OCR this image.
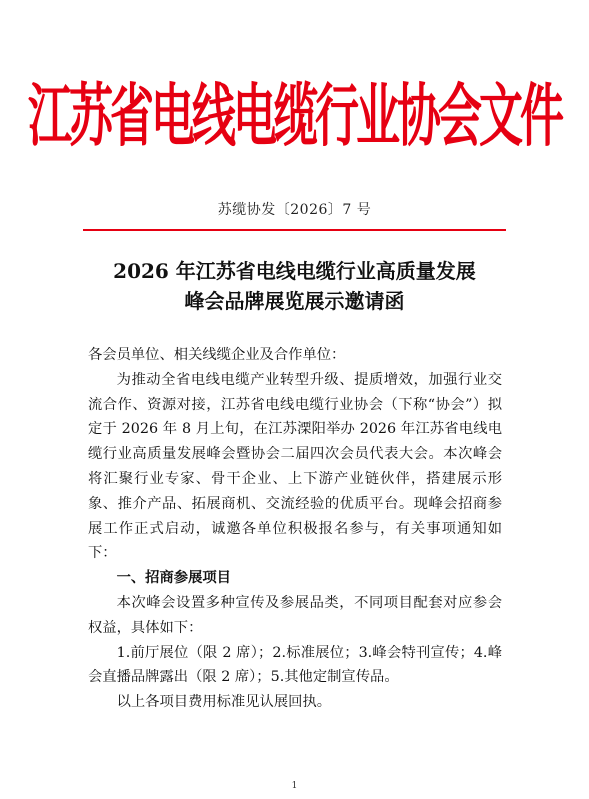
江苏省电线电缆行业协会文件
苏缆协发〔2026〕7 号
2026 年江苏省电线电缆行业高质量发展
峰会品牌展览展示邀请函

各会员单位、相关线缆企业及合作单位：

为推动全省电线电缆产业转型升级、提质增效，加强行业交流合作、资源对接，江苏省电线电缆行业协会（下称“协会”）拟定于 2026 年 8 月上旬，在江苏溧阳举办 2026 年江苏省电线电缆行业高质量发展峰会暨协会二届四次会员代表大会。本次峰会将汇聚行业专家、骨干企业、上下游产业链伙伴，搭建展示形象、推介产品、拓展商机、交流经验的优质平台。现峰会招商参展工作正式启动，诚邀各单位积极报名参与，有关事项通知如下：

一、招商参展项目

本次峰会设置多种宣传及参展品类，不同项目配套对应参会权益，具体如下：

1.前厅展位（限 2 席）；2.标准展位；3.峰会特刊宣传；4.峰会直播品牌露出（限 2 席）；5.其他定制宣传品。

以上各项目费用标准见认展回执。

1
